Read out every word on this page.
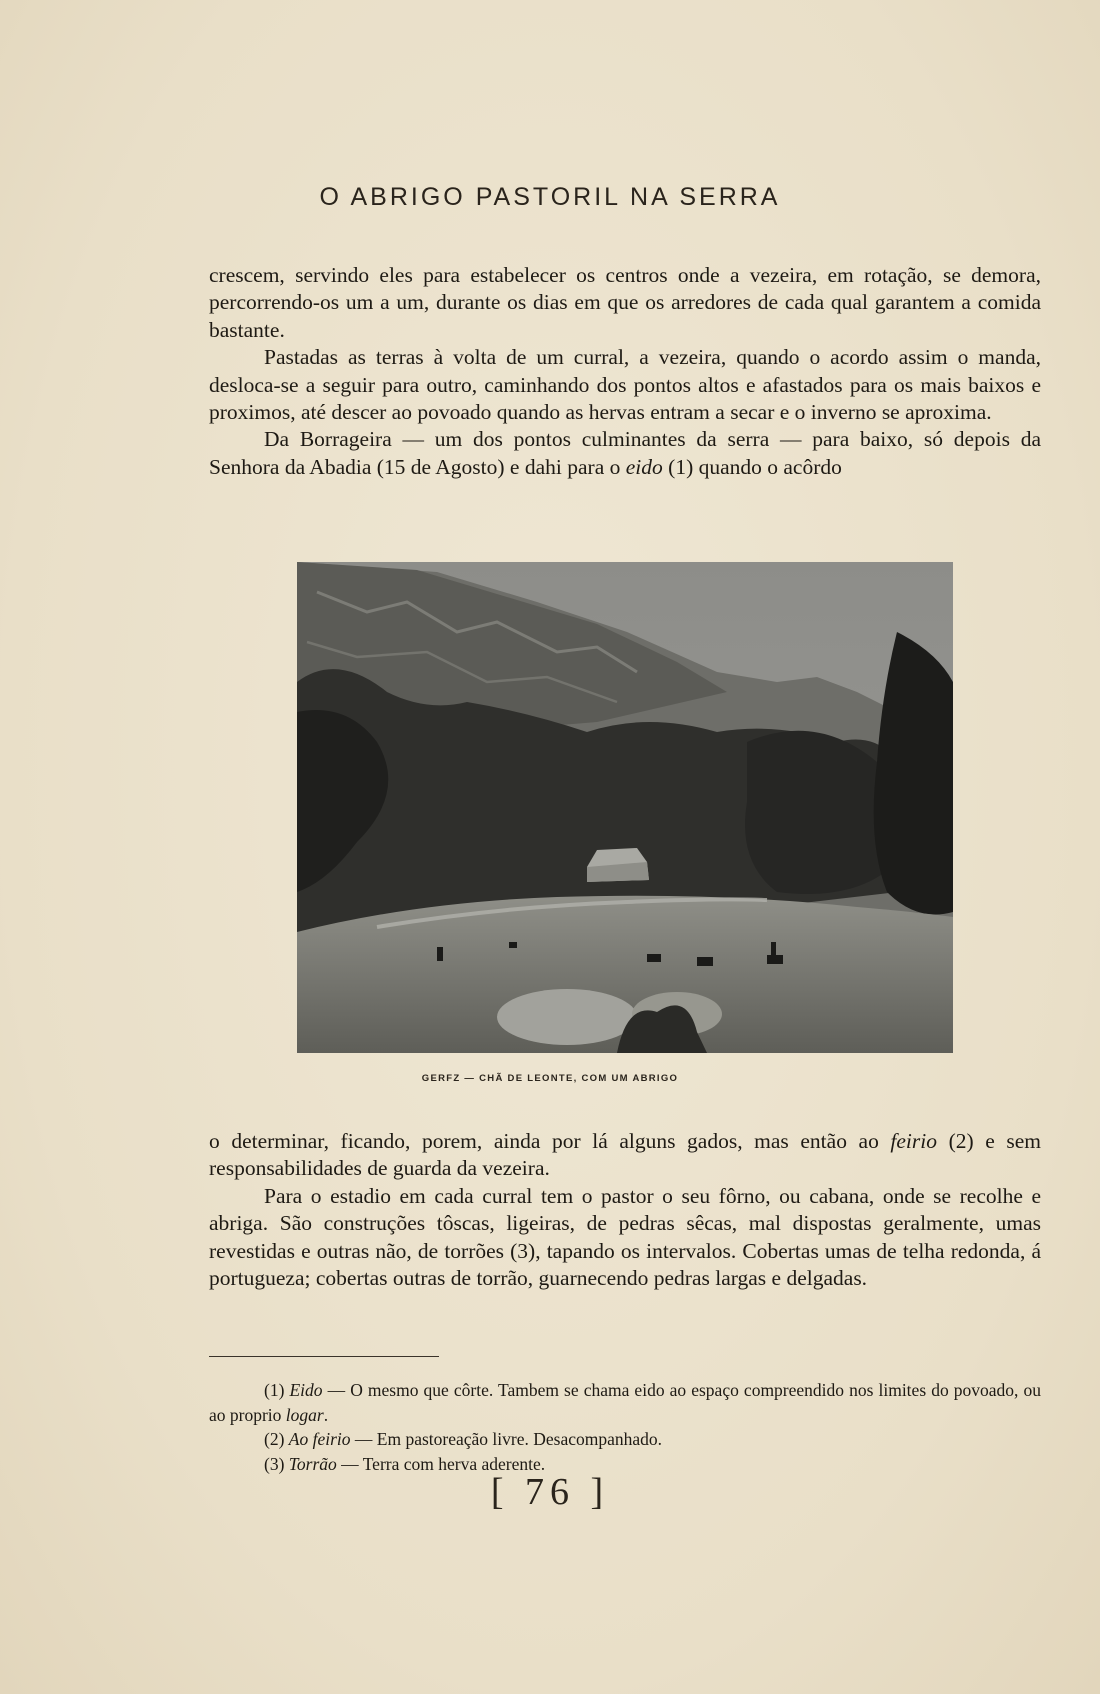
O ABRIGO PASTORIL NA SERRA

crescem, servindo eles para estabelecer os centros onde a vezeira, em rotação, se demora, percorrendo-os um a um, durante os dias em que os arredores de cada qual garantem a comida bastante.

Pastadas as terras à volta de um curral, a vezeira, quando o acordo assim o manda, desloca-se a seguir para outro, caminhando dos pontos altos e afastados para os mais baixos e proximos, até descer ao povoado quando as hervas entram a secar e o inverno se aproxima.

Da Borrageira — um dos pontos culminantes da serra — para baixo, só depois da Senhora da Abadia (15 de Agosto) e dahi para o eido (1) quando o acôrdo

GERFZ — CHÃ DE LEONTE, COM UM ABRIGO

o determinar, ficando, porem, ainda por lá alguns gados, mas então ao feirio (2) e sem responsabilidades de guarda da vezeira.

Para o estadio em cada curral tem o pastor o seu fôrno, ou cabana, onde se recolhe e abriga. São construções tôscas, ligeiras, de pedras sêcas, mal dispostas geralmente, umas revestidas e outras não, de torrões (3), tapando os intervalos. Cobertas umas de telha redonda, á portugueza; cobertas outras de torrão, guarnecendo pedras largas e delgadas.

(1) Eido — O mesmo que côrte. Tambem se chama eido ao espaço compreendido nos limites do povoado, ou ao proprio logar.

(2) Ao feirio — Em pastoreação livre. Desacompanhado.

(3) Torrão — Terra com herva aderente.

[ 76 ]
